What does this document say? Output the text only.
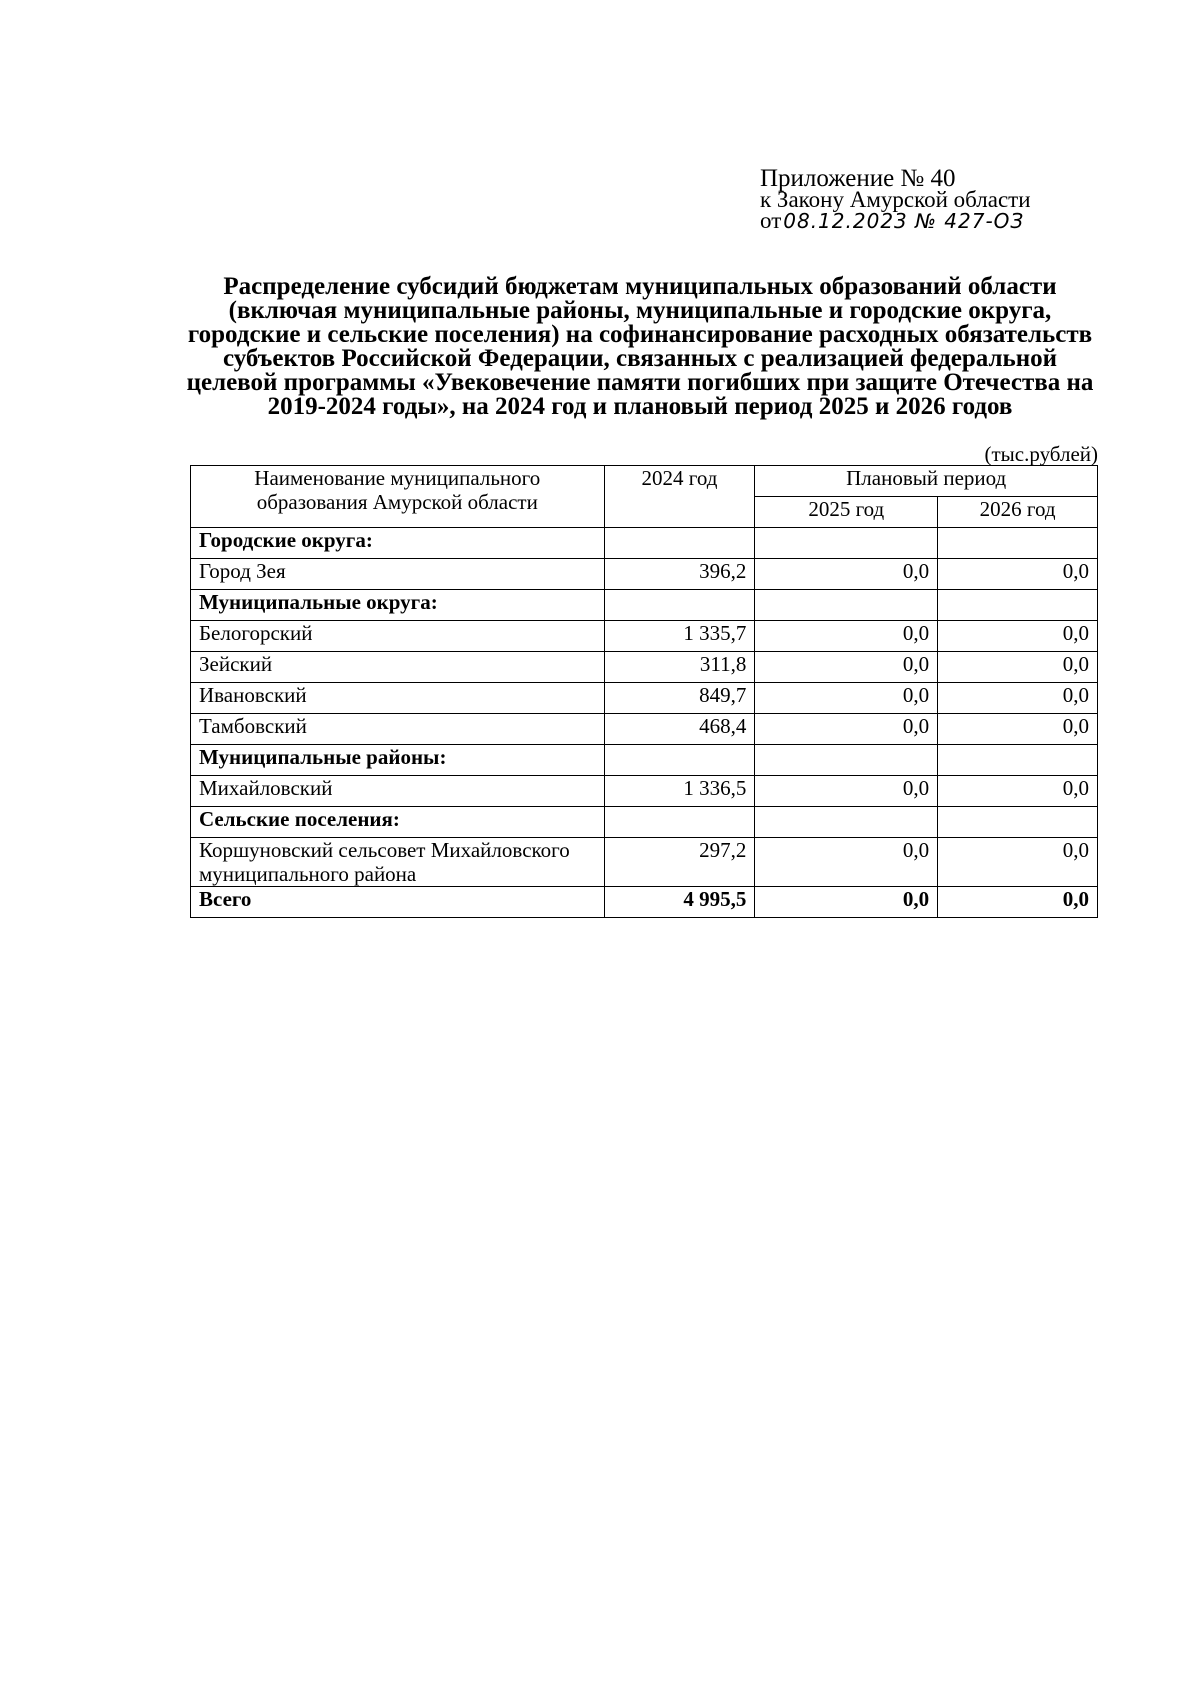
Приложение № 40
к Закону Амурской области
от 08.12.2023 № 427-ОЗ
Распределение субсидий бюджетам муниципальных образований области (включая муниципальные районы, муниципальные и городские округа, городские и сельские поселения) на софинансирование расходных обязательств субъектов Российской Федерации, связанных с реализацией федеральной целевой программы «Увековечение памяти погибших при защите Отечества на 2019-2024 годы», на 2024 год и плановый период 2025 и 2026 годов
(тыс.рублей)
Наименование муниципального образования Амурской области	2024 год	Плановый период	
		2025 год	2026 год
Городские округа:			
Город Зея	396,2	0,0	0,0
Муниципальные округа:			
Белогорский	1 335,7	0,0	0,0
Зейский	311,8	0,0	0,0
Ивановский	849,7	0,0	0,0
Тамбовский	468,4	0,0	0,0
Муниципальные районы:			
Михайловский	1 336,5	0,0	0,0
Сельские поселения:			
Коршуновский сельсовет Михайловского муниципального района	297,2	0,0	0,0
Всего	4 995,5	0,0	0,0
